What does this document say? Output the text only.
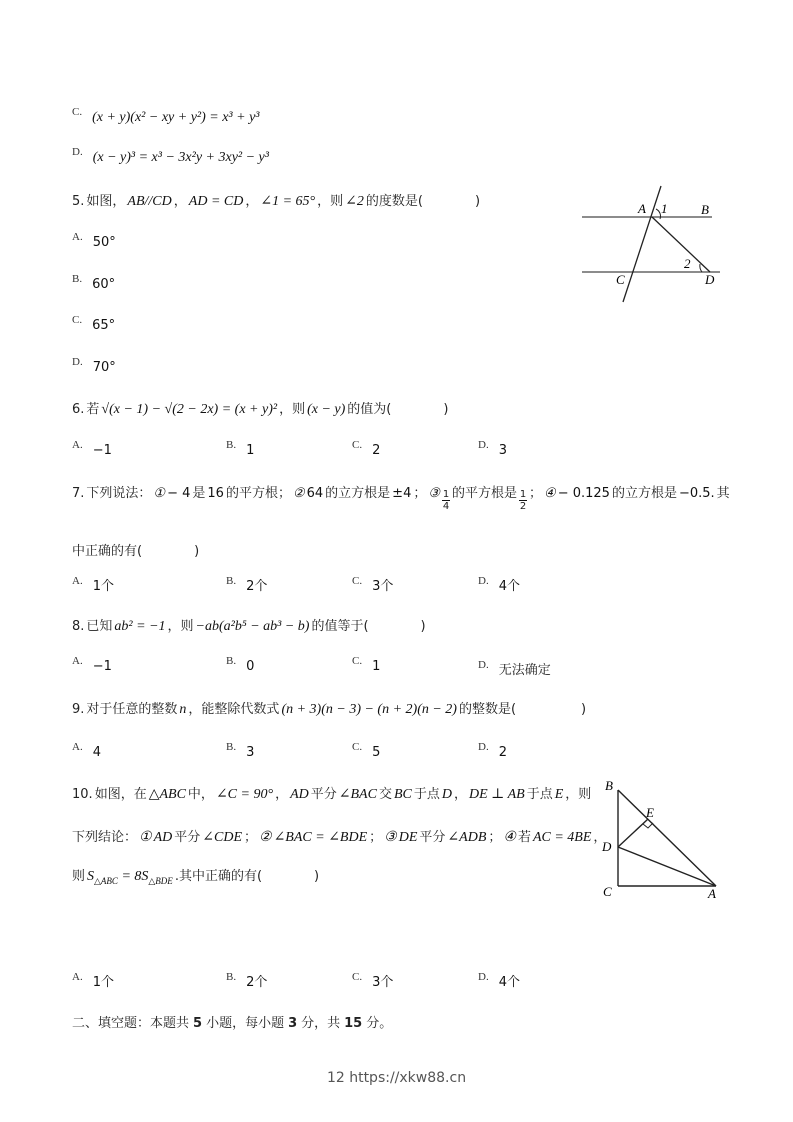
C. (x + y)(x² − xy + y²) = x³ + y³
D. (x − y)³ = x³ − 3x²y + 3xy² − y³
5. 如图， AB//CD ， AD = CD ， ∠1 = 65° ，则 ∠2 的度数是(　　　　)	A 1	B
2
C	D
A. 50°
B. 60°
C. 65°
D. 70°
6. 若 √(x − 1) − √(2 − 2x) = (x + y)² ，则 (x − y) 的值为(　　　　)
A. −1	B. 1	C. 2	D. 3
7. 下列说法： ① − 4 是 16 的平方根； ② 64 的立方根是 ±4 ； ③ $\frac{1}{4}$ 的平方根是 $\frac{1}{2}$ ； ④ − 0.125 的立方根是 −0.5. 其
中正确的有(　　　　)
A. 1个	B. 2个	C. 3个	D. 4个
8. 已知 ab² = −1 ，则 −ab(a²b⁵ − ab³ − b) 的值等于(　　　　)
A. −1	B. 0	C. 1	D. 无法确定
9. 对于任意的整数 n ，能整除代数式 (n + 3)(n − 3) − (n + 2)(n − 2) 的整数是(　　　　　)
A. 4	B. 3	C. 5	D. 2
10. 如图，在 △ABC 中， ∠C = 90° ， AD 平分 ∠BAC 交 BC 于点 D ， DE ⊥ AB 于点 E ，则
下列结论： ① AD 平分 ∠CDE ； ② ∠BAC = ∠BDE ； ③ DE 平分 ∠ADB ； ④ 若 AC = 4BE ，
则 $S_{\triangle ABC} = 8S_{\triangle BDE}$ .其中正确的有(　　　　)
B
E
D
C	A
A. 1个	B. 2个	C. 3个	D. 4个
二、填空题：本题共 5 小题，每小题 3 分，共 15 分。
12 https://xkw88.cn
